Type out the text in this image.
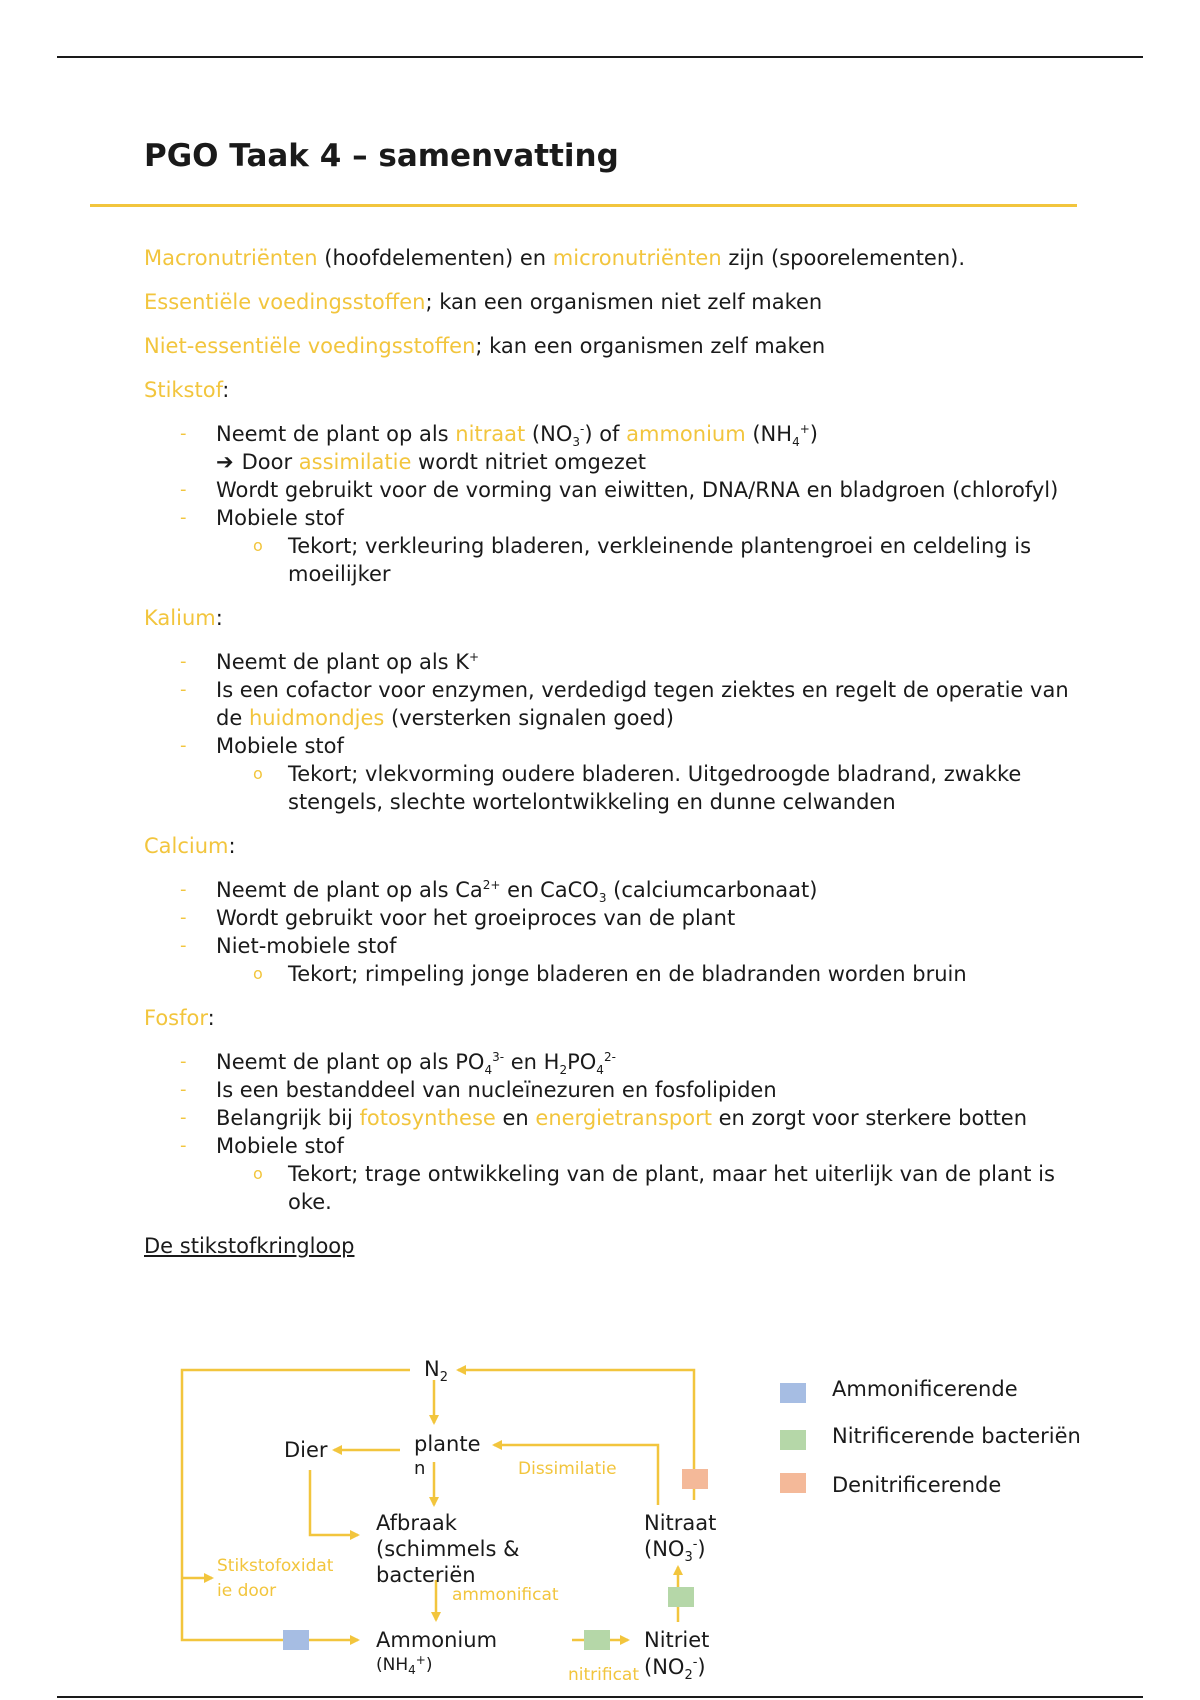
PGO Taak 4 – samenvatting

Macronutriënten (hoofdelementen) en micronutriënten zijn (spoorelementen).

Essentiële voedingsstoffen; kan een organismen niet zelf maken

Niet-essentiële voedingsstoffen; kan een organismen zelf maken

Stikstof:

- Neemt de plant op als nitraat $(NO_3^-)$ of ammonium $(NH_4^+)$
➔ Door assimilatie wordt nitriet omgezet
- Wordt gebruikt voor de vorming van eiwitten, DNA/RNA en bladgroen (chlorofyl)
- Mobiele stof
o Tekort; verkleuring bladeren, verkleinende plantengroei en celdeling is moeilijker

Kalium:

- Neemt de plant op als K+
- Is een cofactor voor enzymen, verdedigd tegen ziektes en regelt de operatie van de huidmondjes (versterken signalen goed)
- Mobiele stof
o Tekort; vlekvorming oudere bladeren. Uitgedroogde bladrand, zwakke stengels, slechte wortelontwikkeling en dunne celwanden

Calcium:

- Neemt de plant op als $Ca^{2+}$ en CaCO$_3$ (calciumcarbonaat)
- Wordt gebruikt voor het groeiproces van de plant
- Niet-mobiele stof
o Tekort; rimpeling jonge bladeren en de bladranden worden bruin

Fosfor:

- Neemt de plant op als $PO_4^{3-}$ en $H_2PO_4^{2-}$
- Is een bestanddeel van nucleïnezuren en fosfolipiden
- Belangrijk bij fotosynthese en energietransport en zorgt voor sterkere botten
- Mobiele stof
o Tekort; trage ontwikkeling van de plant, maar het uiterlijk van de plant is oke.

De stikstofkringloop

$N_2$
Dier	plante
n
Afbraak
(schimmels &
bacteriën
Nitraat
$(NO_3^-)$
Ammonium
$(NH_4^+)$
Nitriet
$(NO_2^-)$
Dissimilatie
Stikstofoxidat
ie door	ammonificat
nitrificat
Ammonificerende
Nitrificerende bacteriën
Denitrificerende
